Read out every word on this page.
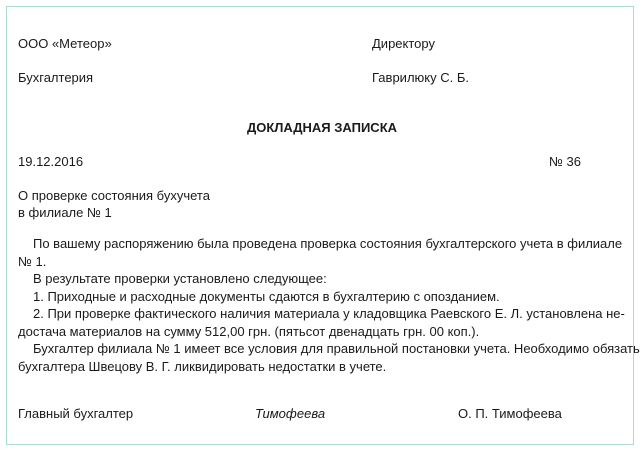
ООО «Метеор»
Бухгалтерия
Директору
Гаврилюку С. Б.
ДОКЛАДНАЯ ЗАПИСКА
19.12.2016	№ 36
О проверке состояния бухучета
в филиале № 1

По вашему распоряжению была проведена проверка состояния бухгалтерского учета в филиале

№ 1.

В результате проверки установлено следующее:

1. Приходные и расходные документы сдаются в бухгалтерию с опозданием.

2. При проверке фактического наличия материала у кладовщика Раевского Е. Л. установлена не-

достача материалов на сумму 512,00 грн. (пятьсот двенадцать грн. 00 коп.).

Бухгалтер филиала № 1 имеет все условия для правильной постановки учета. Необходимо обязать

бухгалтера Швецову В. Г. ликвидировать недостатки в учете.

Главный бухгалтер	Тимофеева	О. П. Тимофеева
